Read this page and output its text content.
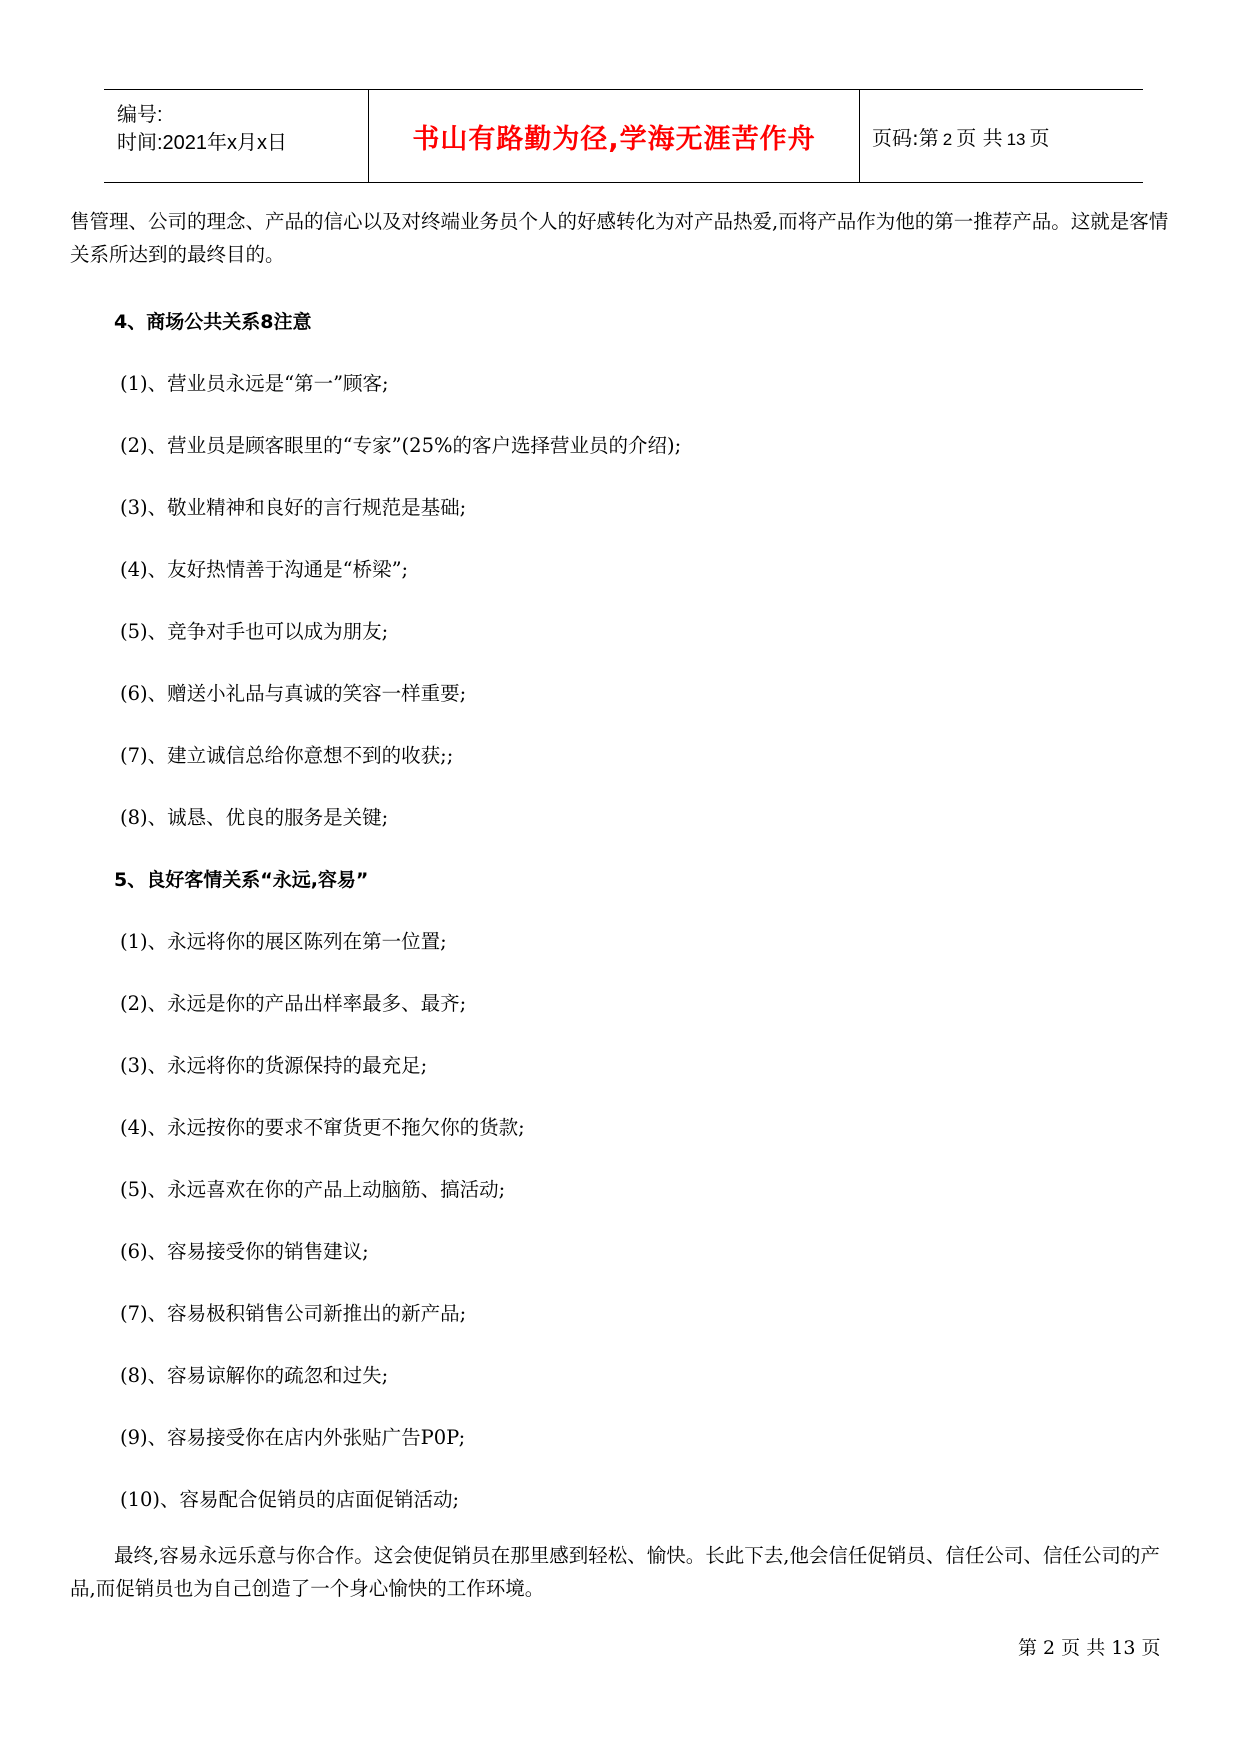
编号:
时间:2021年x月x日	书山有路勤为径,学海无涯苦作舟	页码:第 2 页 共 13 页

售管理、公司的理念、产品的信心以及对终端业务员个人的好感转化为对产品热爱,而将产品作为他的第一推荐产品。这就是客情关系所达到的最终目的。

4、商场公共关系8注意

(1)、营业员永远是“第一”顾客;

(2)、营业员是顾客眼里的“专家”(25%的客户选择营业员的介绍);

(3)、敬业精神和良好的言行规范是基础;

(4)、友好热情善于沟通是“桥梁”;

(5)、竞争对手也可以成为朋友;

(6)、赠送小礼品与真诚的笑容一样重要;

(7)、建立诚信总给你意想不到的收获;;

(8)、诚恳、优良的服务是关键;

5、良好客情关系“永远,容易”

(1)、永远将你的展区陈列在第一位置;

(2)、永远是你的产品出样率最多、最齐;

(3)、永远将你的货源保持的最充足;

(4)、永远按你的要求不窜货更不拖欠你的货款;

(5)、永远喜欢在你的产品上动脑筋、搞活动;

(6)、容易接受你的销售建议;

(7)、容易极积销售公司新推出的新产品;

(8)、容易谅解你的疏忽和过失;

(9)、容易接受你在店内外张贴广告P0P;

(10)、容易配合促销员的店面促销活动;

最终,容易永远乐意与你合作。这会使促销员在那里感到轻松、愉快。长此下去,他会信任促销员、信任公司、信任公司的产品,而促销员也为自己创造了一个身心愉快的工作环境。

第 2 页 共 13 页
